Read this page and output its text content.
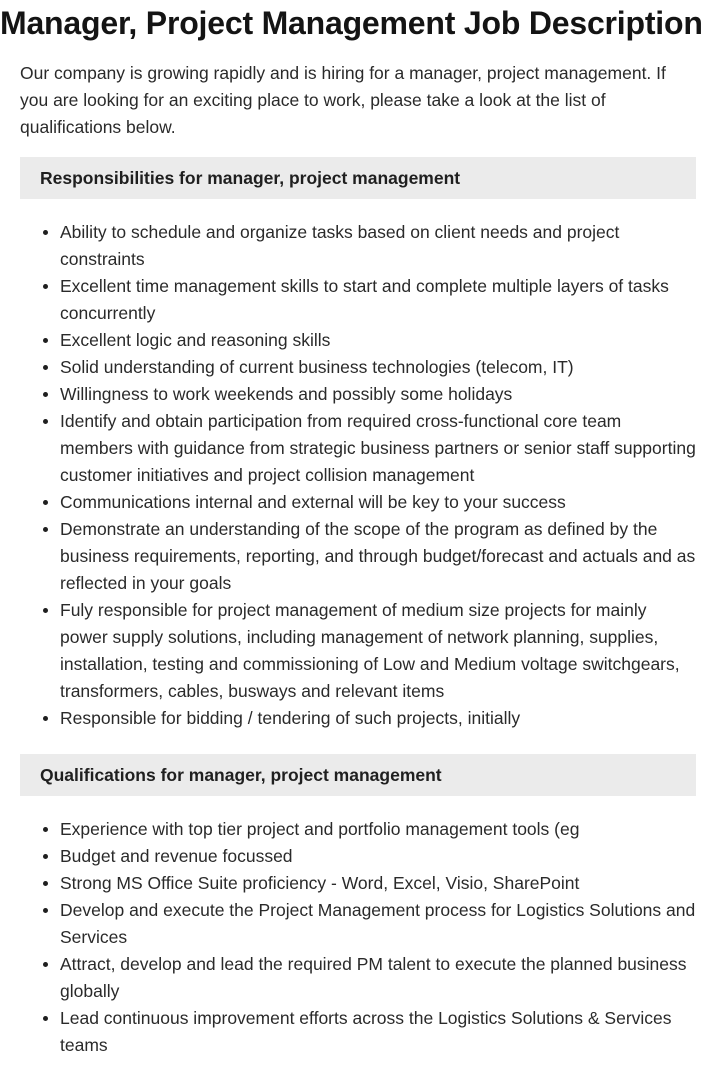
Manager, Project Management Job Description

Our company is growing rapidly and is hiring for a manager, project management. If you are looking for an exciting place to work, please take a look at the list of qualifications below.

Responsibilities for manager, project management
Ability to schedule and organize tasks based on client needs and project constraints
Excellent time management skills to start and complete multiple layers of tasks concurrently
Excellent logic and reasoning skills
Solid understanding of current business technologies (telecom, IT)
Willingness to work weekends and possibly some holidays
Identify and obtain participation from required cross-functional core team members with guidance from strategic business partners or senior staff supporting customer initiatives and project collision management
Communications internal and external will be key to your success
Demonstrate an understanding of the scope of the program as defined by the business requirements, reporting, and through budget/forecast and actuals and as reflected in your goals
Fuly responsible for project management of medium size projects for mainly power supply solutions, including management of network planning, supplies, installation, testing and commissioning of Low and Medium voltage switchgears, transformers, cables, busways and relevant items
Responsible for bidding / tendering of such projects, initially
Qualifications for manager, project management
Experience with top tier project and portfolio management tools (eg
Budget and revenue focussed
Strong MS Office Suite proficiency - Word, Excel, Visio, SharePoint
Develop and execute the Project Management process for Logistics Solutions and Services
Attract, develop and lead the required PM talent to execute the planned business globally
Lead continuous improvement efforts across the Logistics Solutions & Services teams
